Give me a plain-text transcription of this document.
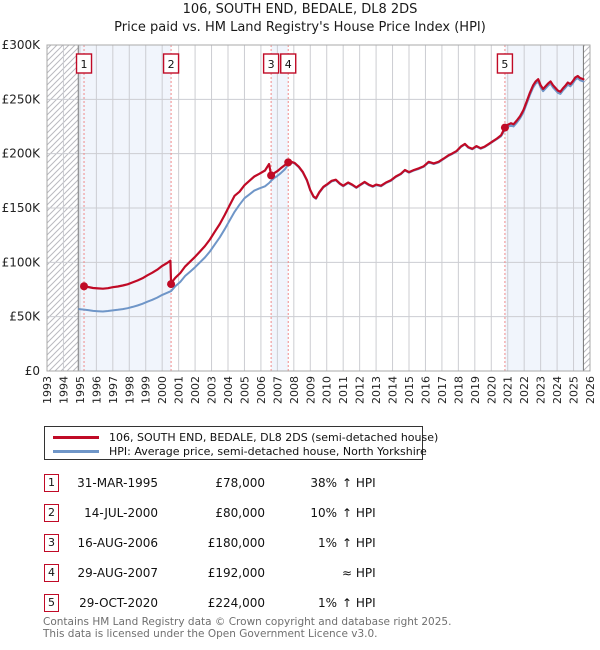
106, SOUTH END, BEDALE, DL8 2DS
Price paid vs. HM Land Registry's House Price Index (HPI)
1	2	3 4	5
£0
£50K
£100K
£150K
£200K
£250K
£300K
1993 1994 1995 1996 1997 1998 1999 2000 2001 2002 2003 2004 2005 2006 2007 2008 2009 2010 2011 2012 2013 2014 2015 2016 2017 2018 2019 2020 2021 2022 2023 2024 2025 2026
106, SOUTH END, BEDALE, DL8 2DS (semi-detached house)
HPI: Average price, semi-detached house, North Yorkshire
1	31-MAR-1995	£78,000	38% ↑ HPI
2	14-JUL-2000	£80,000	10% ↑ HPI
3	16-AUG-2006	£180,000	1% ↑ HPI
4	29-AUG-2007	£192,000	≈ HPI
5	29-OCT-2020	£224,000	1% ↑ HPI
Contains HM Land Registry data © Crown copyright and database right 2025.
This data is licensed under the Open Government Licence v3.0.
